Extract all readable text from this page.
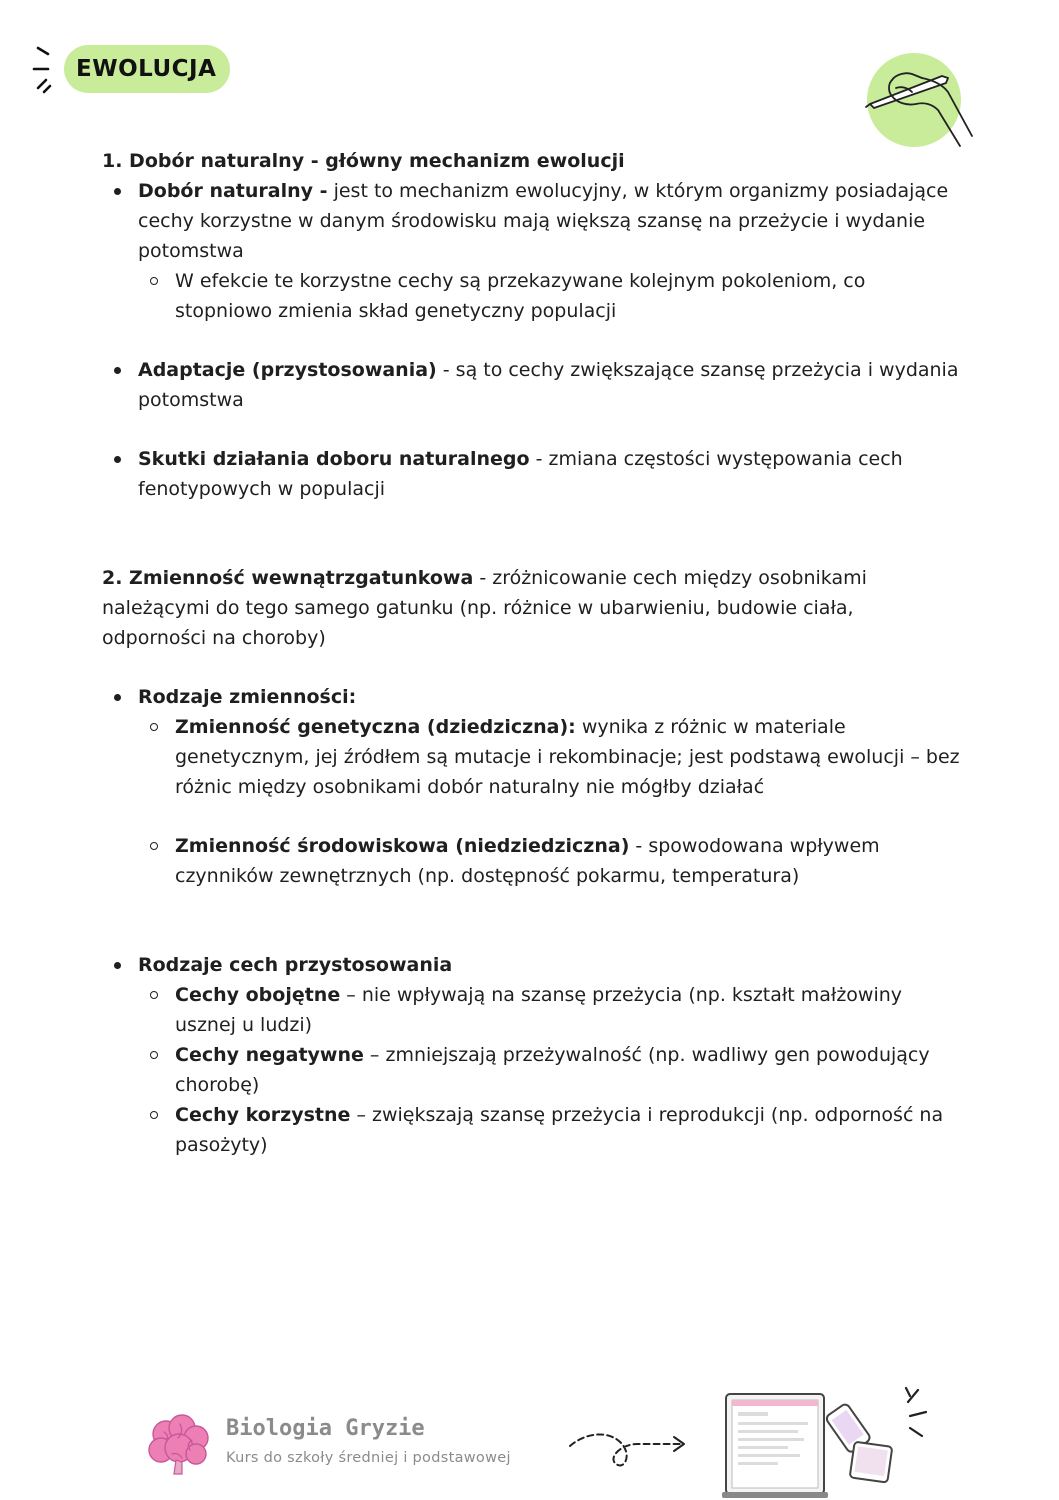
EWOLUCJA

1. Dobór naturalny - główny mechanizm ewolucji

Dobór naturalny - jest to mechanizm ewolucyjny, w którym organizmy posiadające cechy korzystne w danym środowisku mają większą szansę na przeżycie i wydanie potomstwa
W efekcie te korzystne cechy są przekazywane kolejnym pokoleniom, co stopniowo zmienia skład genetyczny populacji
Adaptacje (przystosowania) - są to cechy zwiększające szansę przeżycia i wydania potomstwa
Skutki działania doboru naturalnego - zmiana częstości występowania cech fenotypowych w populacji

2. Zmienność wewnątrzgatunkowa - zróżnicowanie cech między osobnikami należącymi do tego samego gatunku (np. różnice w ubarwieniu, budowie ciała, odporności na choroby)

Rodzaje zmienności:
Zmienność genetyczna (dziedziczna): wynika z różnic w materiale genetycznym, jej źródłem są mutacje i rekombinacje; jest podstawą ewolucji – bez różnic między osobnikami dobór naturalny nie mógłby działać
Zmienność środowiskowa (niedziedziczna) - spowodowana wpływem czynników zewnętrznych (np. dostępność pokarmu, temperatura)
Rodzaje cech przystosowania
Cechy obojętne – nie wpływają na szansę przeżycia (np. kształt małżowiny usznej u ludzi)
Cechy negatywne – zmniejszają przeżywalność (np. wadliwy gen powodujący chorobę)
Cechy korzystne – zwiększają szansę przeżycia i reprodukcji (np. odporność na pasożyty)
Biologia Gryzie
Kurs do szkoły średniej i podstawowej
